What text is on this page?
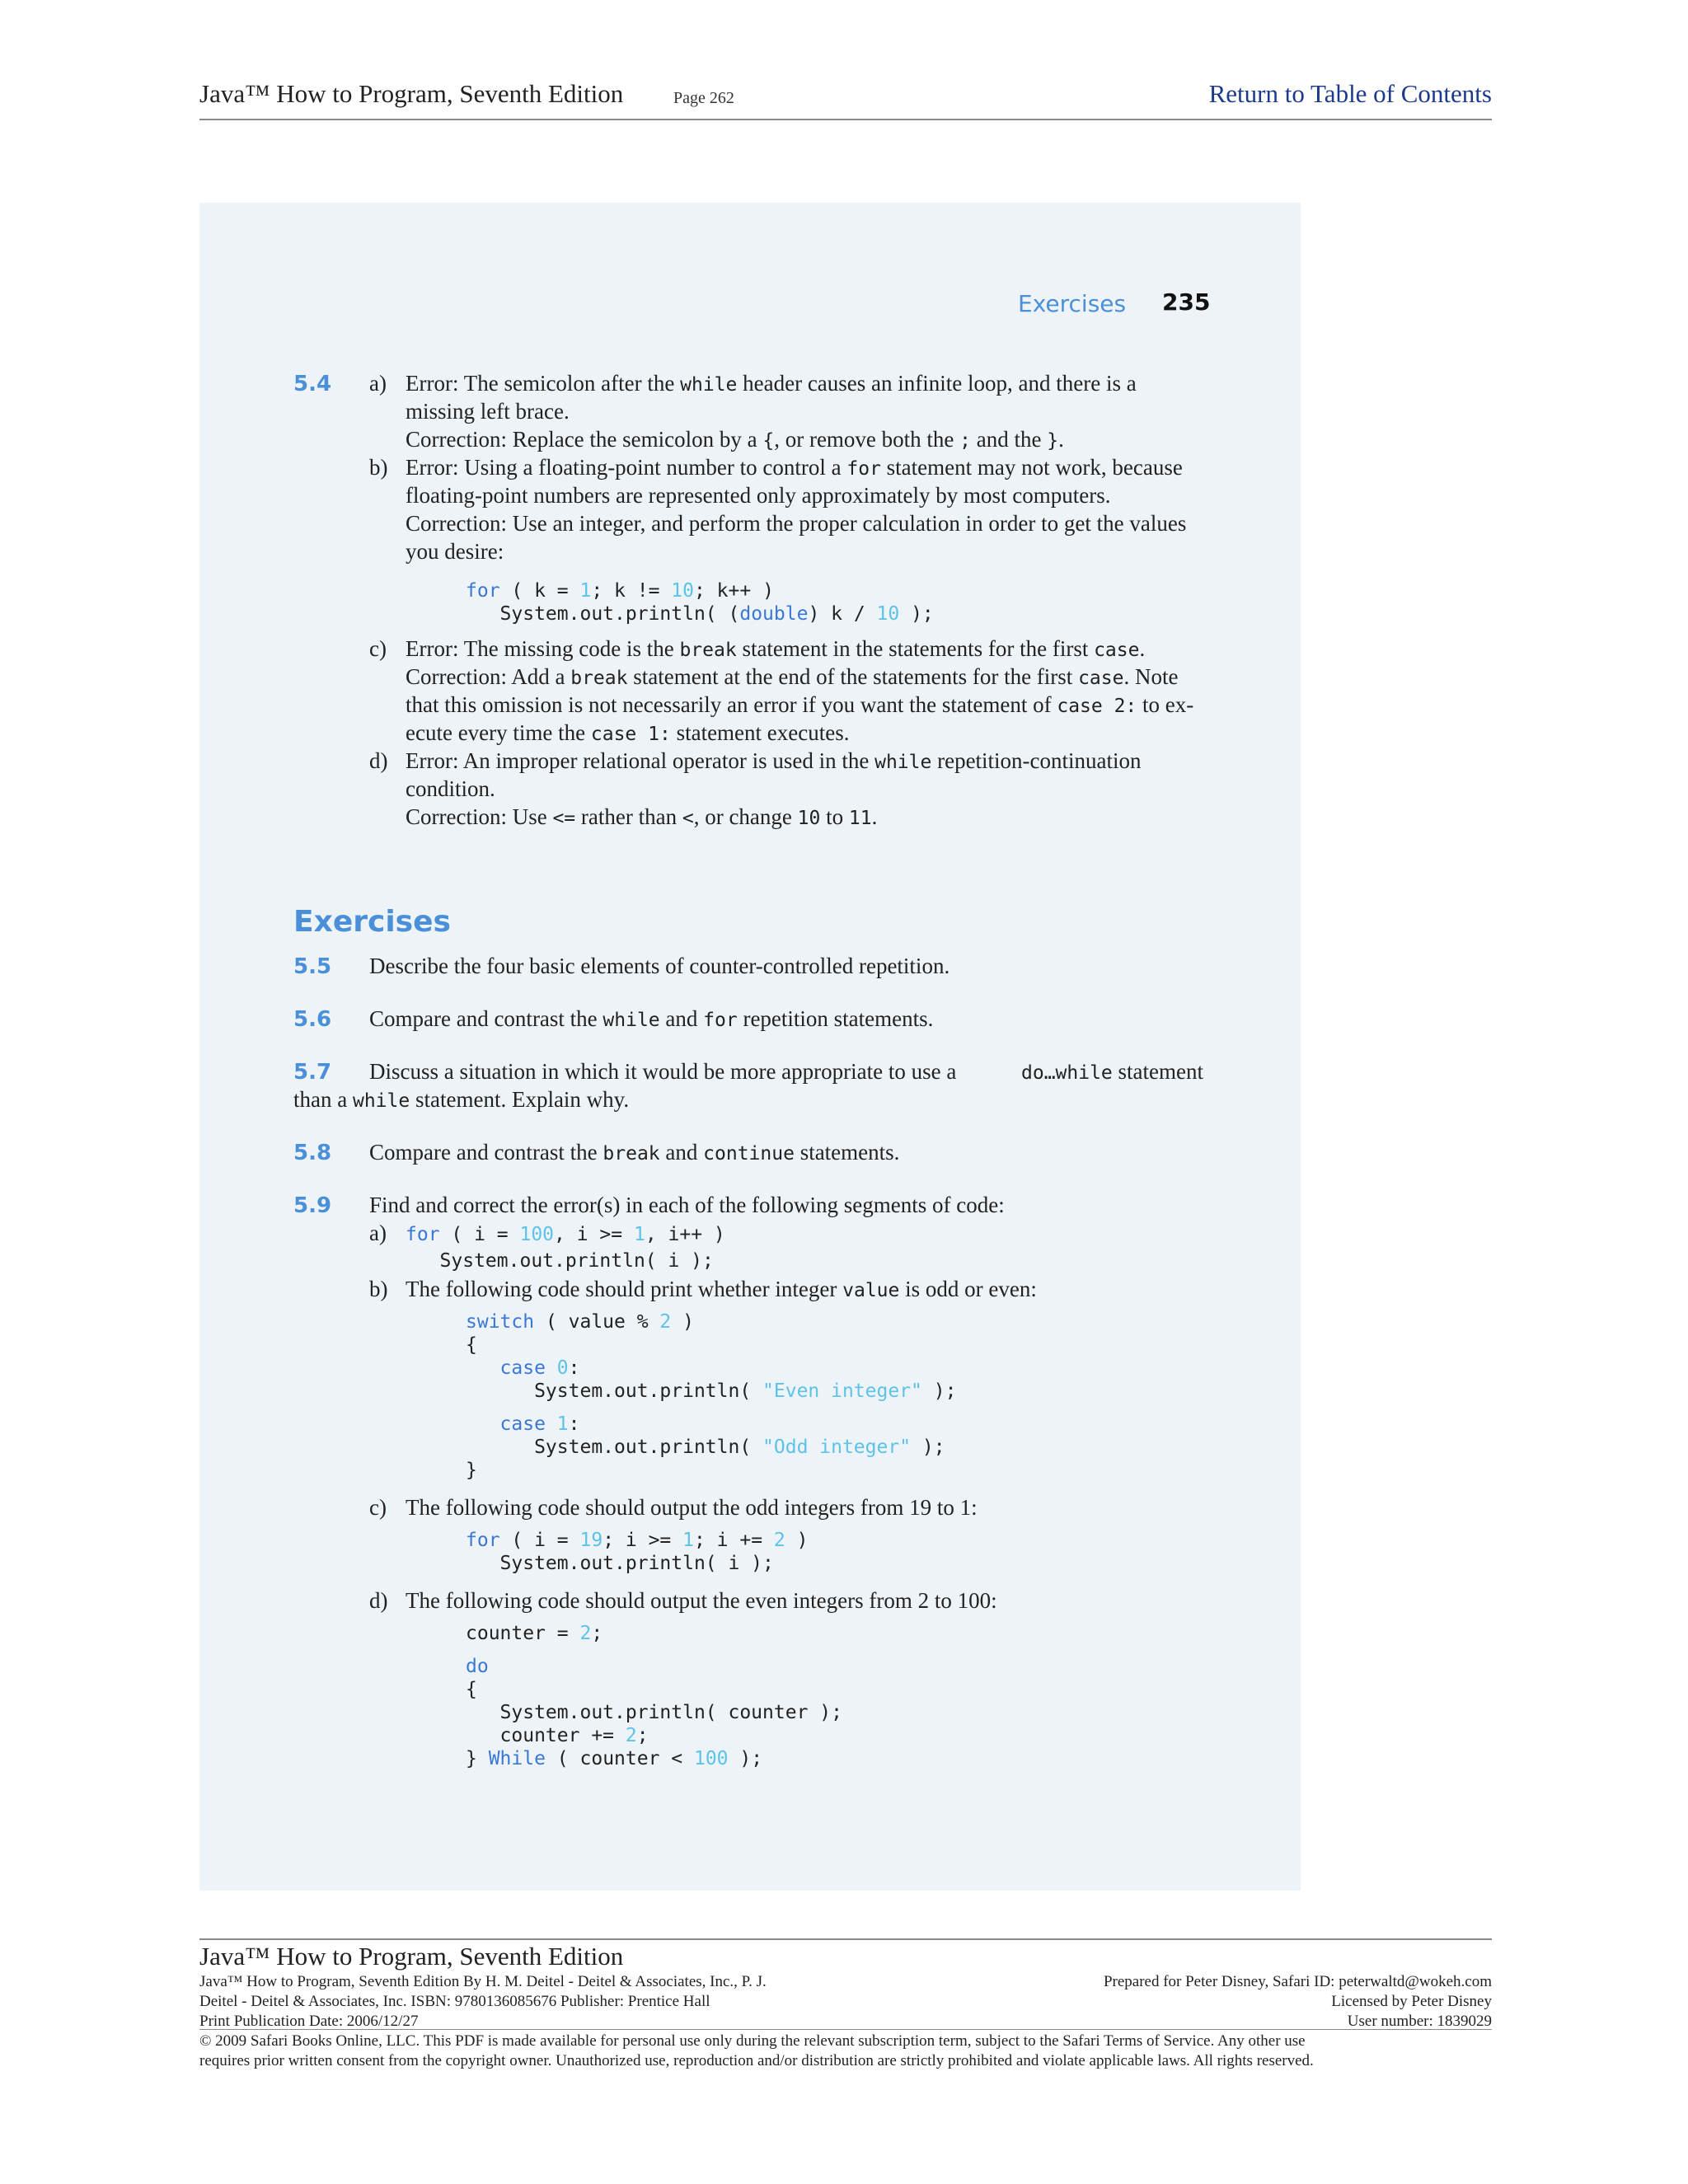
Java™ How to Program, Seventh Edition	Page 262	Return to Table of Contents
Exercises 235
5.4 a) Error: The semicolon after the while header causes an infinite loop, and there is a
missing left brace.
Correction: Replace the semicolon by a {, or remove both the ; and the }.
b) Error: Using a floating-point number to control a for statement may not work, because
floating-point numbers are represented only approximately by most computers.
Correction: Use an integer, and perform the proper calculation in order to get the values
you desire:
for ( k = 1; k != 10; k++ )
System.out.println( (double) k / 10 );
c) Error: The missing code is the break statement in the statements for the first case.
Correction: Add a break statement at the end of the statements for the first case. Note
that this omission is not necessarily an error if you want the statement of case 2: to ex-
ecute every time the case 1: statement executes.
d) Error: An improper relational operator is used in the while repetition-continuation
condition.
Correction: Use <= rather than <, or change 10 to 11.
Exercises
5.5 Describe the four basic elements of counter-controlled repetition.
5.6 Compare and contrast the while and for repetition statements.
5.7 Discuss a situation in which it would be more appropriate to use a	do…while statement
than a while statement. Explain why.
5.8 Compare and contrast the break and continue statements.
5.9 Find and correct the error(s) in each of the following segments of code:
a) for ( i = 100, i >= 1, i++ )
System.out.println( i );
b) The following code should print whether integer value is odd or even:
switch ( value % 2 )
{
case 0:
System.out.println( "Even integer" );
case 1:
System.out.println( "Odd integer" );
}
c) The following code should output the odd integers from 19 to 1:
for ( i = 19; i >= 1; i += 2 )
System.out.println( i );
d) The following code should output the even integers from 2 to 100:
counter = 2;
do
{
System.out.println( counter );
counter += 2;
} While ( counter < 100 );
Java™ How to Program, Seventh Edition
Java™ How to Program, Seventh Edition By H. M. Deitel - Deitel & Associates, Inc., P. J.
Deitel - Deitel & Associates, Inc. ISBN: 9780136085676 Publisher: Prentice Hall
Print Publication Date: 2006/12/27
Prepared for Peter Disney, Safari ID: peterwaltd@wokeh.com
Licensed by Peter Disney
User number: 1839029
© 2009 Safari Books Online, LLC. This PDF is made available for personal use only during the relevant subscription term, subject to the Safari Terms of Service. Any other use
requires prior written consent from the copyright owner. Unauthorized use, reproduction and/or distribution are strictly prohibited and violate applicable laws. All rights reserved.
